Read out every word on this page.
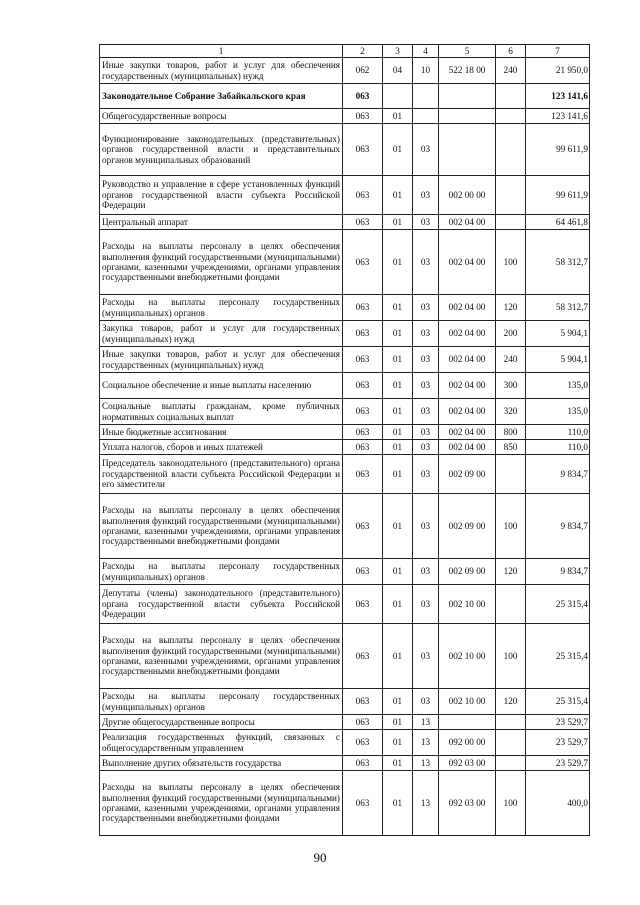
1	2	3	4	5	6	7
Иные закупки товаров, работ и услуг для обеспечения государственных (муниципальных) нужд	062	04	10	522 18 00	240	21 950,0
Законодательное Собрание Забайкальского края	063					123 141,6
Общегосударственные вопросы	063	01				123 141,6
Функционирование законодательных (представительных) органов государственной власти и представительных органов муниципальных образований	063	01	03			99 611,9
Руководство и управление в сфере установленных функций органов государственной власти субъекта Российской Федерации	063	01	03	002 00 00		99 611,9
Центральный аппарат	063	01	03	002 04 00		64 461,8
Расходы на выплаты персоналу в целях обеспечения выполнения функций государственными (муниципальными) органами, казенными учреждениями, органами управления государственными внебюджетными фондами	063	01	03	002 04 00	100	58 312,7
Расходы на выплаты персоналу государственных (муниципальных) органов	063	01	03	002 04 00	120	58 312,7
Закупка товаров, работ и услуг для государственных (муниципальных) нужд	063	01	03	002 04 00	200	5 904,1
Иные закупки товаров, работ и услуг для обеспечения государственных (муниципальных) нужд	063	01	03	002 04 00	240	5 904,1
Социальное обеспечение и иные выплаты населению	063	01	03	002 04 00	300	135,0
Социальные выплаты гражданам, кроме публичных нормативных социальных выплат	063	01	03	002 04 00	320	135,0
Иные бюджетные ассигнования	063	01	03	002 04 00	800	110,0
Уплата налогов, сборов и иных платежей	063	01	03	002 04 00	850	110,0
Председатель законодательного (представительного) органа государственной власти субъекта Российской Федерации и его заместители	063	01	03	002 09 00		9 834,7
Расходы на выплаты персоналу в целях обеспечения выполнения функций государственными (муниципальными) органами, казенными учреждениями, органами управления государственными внебюджетными фондами	063	01	03	002 09 00	100	9 834,7
Расходы на выплаты персоналу государственных (муниципальных) органов	063	01	03	002 09 00	120	9 834,7
Депутаты (члены) законодательного (представительного) органа государственной власти субъекта Российской Федерации	063	01	03	002 10 00		25 315,4
Расходы на выплаты персоналу в целях обеспечения выполнения функций государственными (муниципальными) органами, казенными учреждениями, органами управления государственными внебюджетными фондами	063	01	03	002 10 00	100	25 315,4
Расходы на выплаты персоналу государственных (муниципальных) органов	063	01	03	002 10 00	120	25 315,4
Другие общегосударственные вопросы	063	01	13			23 529,7
Реализация государственных функций, связанных с общегосударственным управлением	063	01	13	092 00 00		23 529,7
Выполнение других обязательств государства	063	01	13	092 03 00		23 529,7
Расходы на выплаты персоналу в целях обеспечения выполнения функций государственными (муниципальными) органами, казенными учреждениями, органами управления государственными внебюджетными фондами	063	01	13	092 03 00	100	400,0
90
